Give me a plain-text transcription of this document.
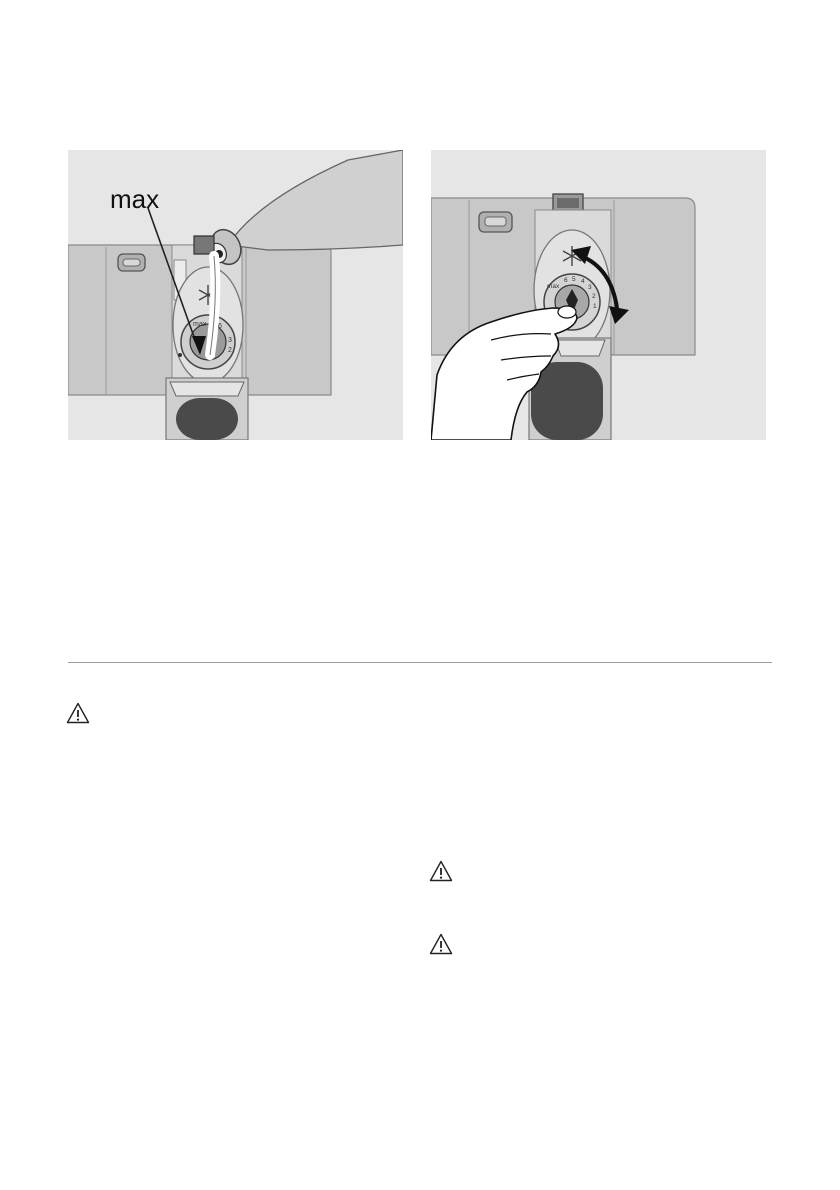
max 6
3
2
max
max
6 5 4
3
2
1
